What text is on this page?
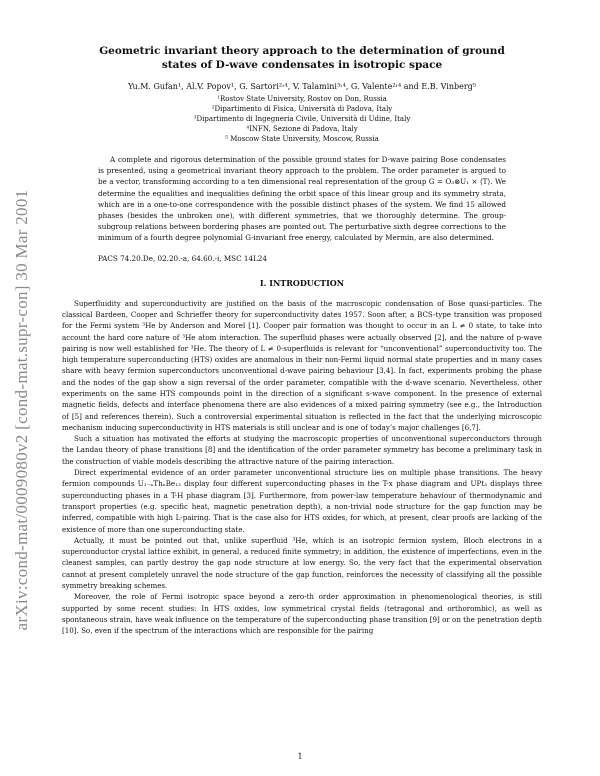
arXiv:cond-mat/0009080v2 [cond-mat.supr-con] 30 Mar 2001
Geometric invariant theory approach to the determination of ground states of D-wave condensates in isotropic space
Yu.M. Gufan¹, Al.V. Popov¹, G. Sartori²˒⁴, V. Talamini³˒⁴, G. Valente²˒⁴ and E.B. Vinberg⁵
¹Rostov State University, Rostov on Don, Russia
²Dipartimento di Fisica, Università di Padova, Italy
³Dipartimento di Ingegneria Civile, Università di Udine, Italy
⁴INFN, Sezione di Padova, Italy
⁵ Moscow State University, Moscow, Russia

A complete and rigorous determination of the possible ground states for D-wave pairing Bose condensates is presented, using a geometrical invariant theory approach to the problem. The order parameter is argued to be a vector, transforming according to a ten dimensional real representation of the group G = O₃⊗U₁ × ⟨T⟩. We determine the equalities and inequalities defining the orbit space of this linear group and its symmetry strata, which are in a one-to-one correspondence with the possible distinct phases of the system. We find 15 allowed phases (besides the unbroken one), with different symmetries, that we thoroughly determine. The group-subgroup relations between bordering phases are pointed out. The perturbative sixth degree corrections to the minimum of a fourth degree polynomial G-invariant free energy, calculated by Mermin, are also determined.

PACS 74.20.De, 02.20.-a, 64.60.-i, MSC 14L24
I. INTRODUCTION

Superfluidity and superconductivity are justified on the basis of the macroscopic condensation of Bose quasi-particles. The classical Bardeen, Cooper and Schrieffer theory for superconductivity dates 1957. Soon after, a BCS-type transition was proposed for the Fermi system ³He by Anderson and Morel [1]. Cooper pair formation was thought to occur in an L ≠ 0 state, to take into account the hard core nature of ³He atom interaction. The superfluid phases were actually observed [2], and the nature of p-wave pairing is now well established for ³He. The theory of L ≠ 0-superfluids is relevant for “unconventional” superconductivity too. The high temperature superconducting (HTS) oxides are anomalous in their non-Fermi liquid normal state properties and in many cases share with heavy fermion superconductors unconventional d-wave pairing behaviour [3,4]. In fact, experiments probing the phase and the nodes of the gap show a sign reversal of the order parameter, compatible with the d-wave scenario. Nevertheless, other experiments on the same HTS compounds point in the direction of a significant s-wave component. In the presence of external magnetic fields, defects and interface phenomena there are also evidences of a mixed pairing symmetry (see e.g., the Introduction of [5] and references therein). Such a controversial experimental situation is reflected in the fact that the underlying microscopic mechanism inducing superconductivity in HTS materials is still unclear and is one of today’s major challenges [6,7].

Such a situation has motivated the efforts at studying the macroscopic properties of unconventional superconductors through the Landau theory of phase transitions [8] and the identification of the order parameter symmetry has become a preliminary task in the construction of viable models describing the attractive nature of the pairing interaction.

Direct experimental evidence of an order parameter unconventional structure lies on multiple phase transitions. The heavy fermion compounds U₁₋ₓThₓBe₁₃ display four different superconducting phases in the T-x phase diagram and UPt₃ displays three superconducting phases in a T-H phase diagram [3]. Furthermore, from power-law temperature behaviour of thermodynamic and transport properties (e.g. specific heat, magnetic penetration depth), a non-trivial node structure for the gap function may be inferred, compatible with high L-pairing. That is the case also for HTS oxides, for which, at present, clear proofs are lacking of the existence of more than one superconducting state.

Actually, it must be pointed out that, unlike superfluid ³He, which is an isotropic fermion system, Bloch electrons in a superconductor crystal lattice exhibit, in general, a reduced finite symmetry; in addition, the existence of imperfections, even in the cleanest samples, can partly destroy the gap node structure at low energy. So, the very fact that the experimental observation cannot at present completely unravel the node structure of the gap function, reinforces the necessity of classifying all the possible symmetry breaking schemes.

Moreover, the role of Fermi isotropic space beyond a zero-th order approximation in phenomenological theories, is still supported by some recent studies: In HTS oxides, low symmetrical crystal fields (tetragonal and orthorombic), as well as spontaneous strain, have weak influence on the temperature of the superconducting phase transition [9] or on the penetration depth [10]. So, even if the spectrum of the interactions which are responsible for the pairing

1
